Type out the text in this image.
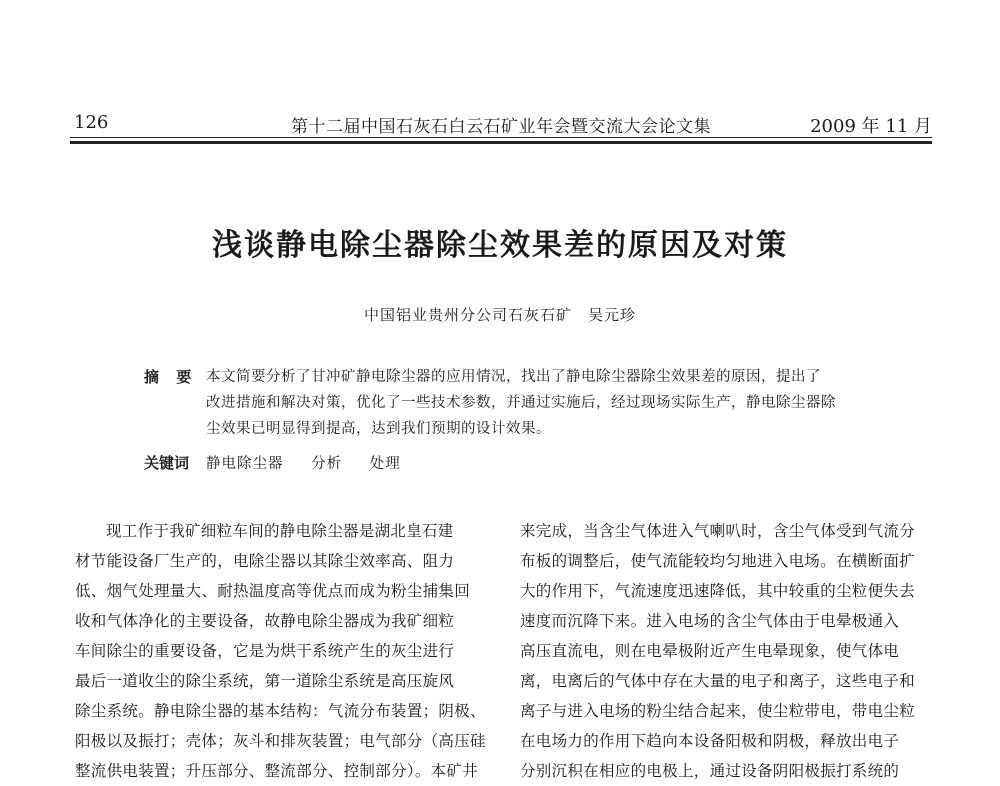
126	第十二届中国石灰石白云石矿业年会暨交流大会论文集	2009 年 11 月
浅谈静电除尘器除尘效果差的原因及对策
中国铝业贵州分公司石灰石矿　吴元珍
摘 要 本文简要分析了甘冲矿静电除尘器的应用情况，找出了静电除尘器除尘效果差的原因，提出了
改进措施和解决对策，优化了一些技术参数，并通过实施后，经过现场实际生产，静电除尘器除
尘效果已明显得到提高，达到我们预期的设计效果。
关键词 静电除尘器 分析 处理
现工作于我矿细粒车间的静电除尘器是湖北皇石建
材节能设备厂生产的，电除尘器以其除尘效率高、阻力
低、烟气处理量大、耐热温度高等优点而成为粉尘捕集回
收和气体净化的主要设备，故静电除尘器成为我矿细粒
车间除尘的重要设备，它是为烘干系统产生的灰尘进行
最后一道收尘的除尘系统，第一道除尘系统是高压旋风
除尘系统。静电除尘器的基本结构：气流分布装置；阴极、
阳极以及振打；壳体；灰斗和排灰装置；电气部分（高压硅
整流供电装置；升压部分、整流部分、控制部分）。本矿井
来完成，当含尘气体进入气喇叭时，含尘气体受到气流分
布板的调整后，使气流能较均匀地进入电场。在横断面扩
大的作用下，气流速度迅速降低，其中较重的尘粒便失去
速度而沉降下来。进入电场的含尘气体由于电晕极通入
高压直流电，则在电晕极附近产生电晕现象，使气体电
离，电离后的气体中存在大量的电子和离子，这些电子和
离子与进入电场的粉尘结合起来，使尘粒带电，带电尘粒
在电场力的作用下趋向本设备阳极和阴极，释放出电子
分别沉积在相应的电极上，通过设备阴阳极振打系统的
